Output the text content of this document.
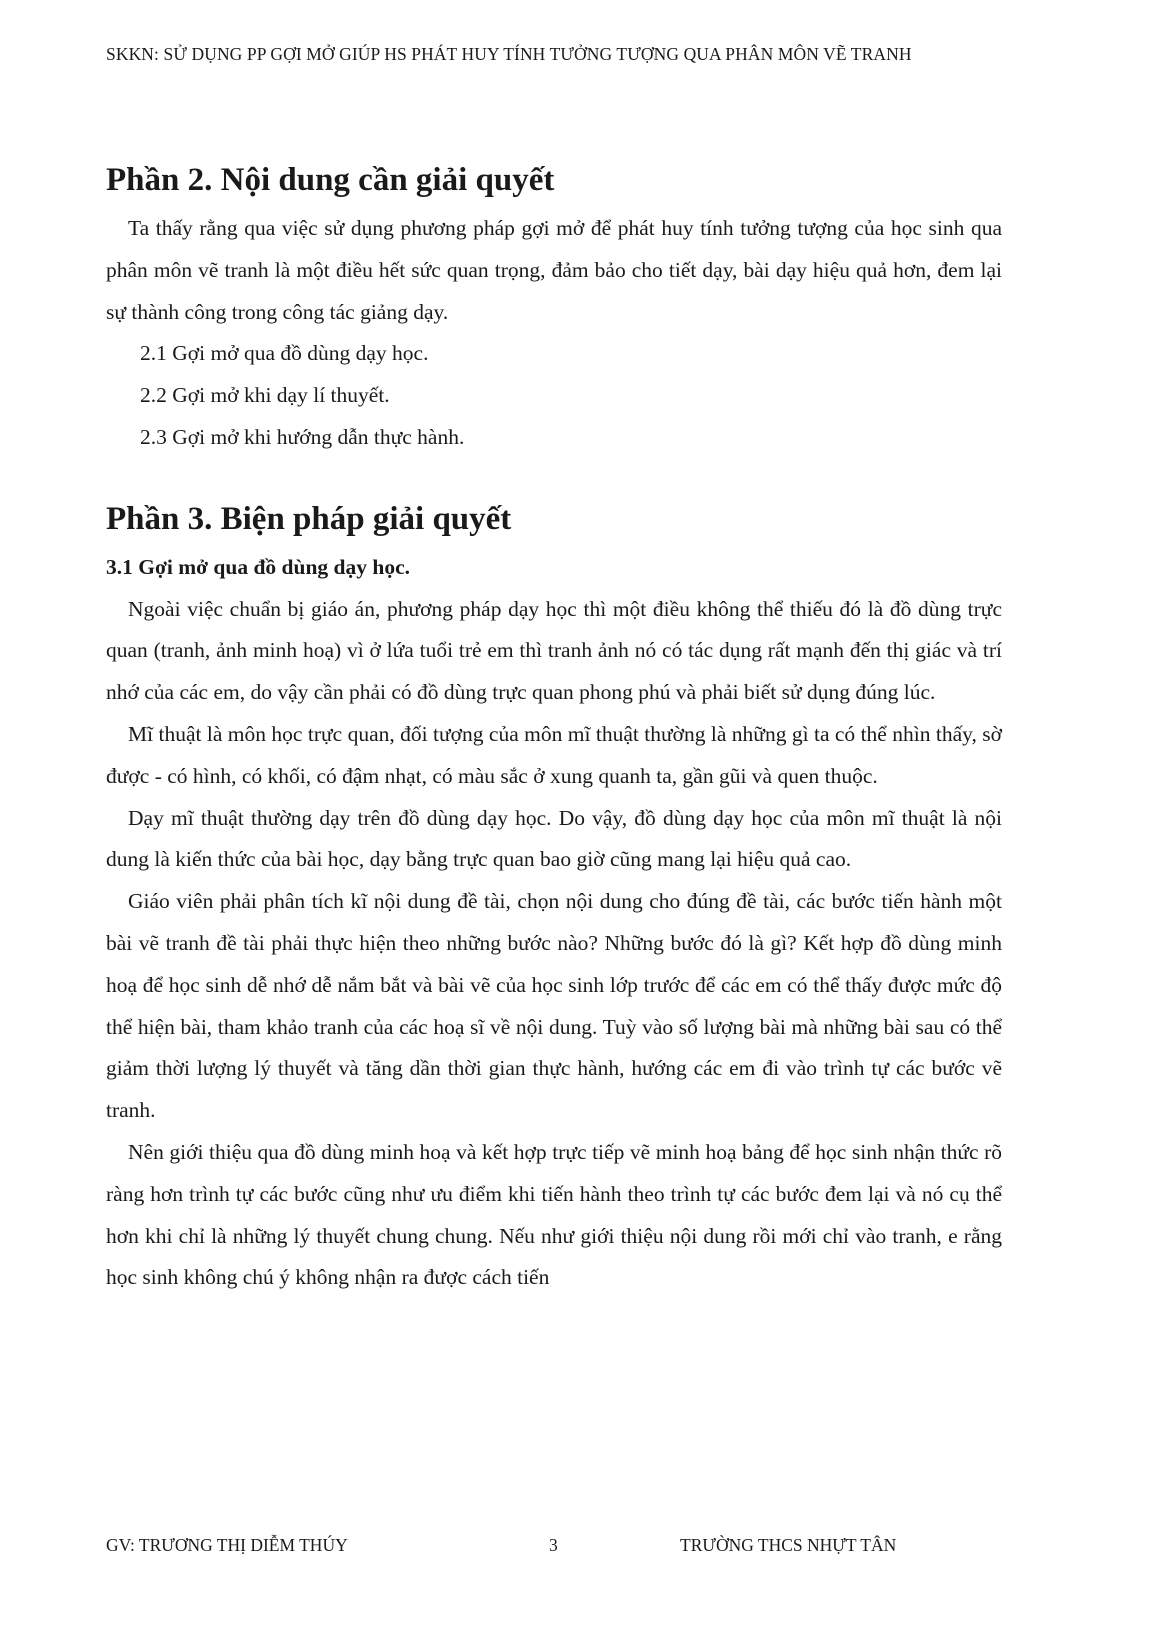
SKKN: SỬ DỤNG PP GỢI MỞ GIÚP HS PHÁT HUY TÍNH TƯỞNG TƯỢNG QUA PHÂN MÔN VẼ TRANH
Phần 2. Nội dung cần giải quyết

Ta thấy rằng qua việc sử dụng phương pháp gợi mở để phát huy tính tưởng tượng của học sinh qua phân môn vẽ tranh là một điều hết sức quan trọng, đảm bảo cho tiết dạy, bài dạy hiệu quả hơn, đem lại sự thành công trong công tác giảng dạy.

2.1 Gợi mở qua đồ dùng dạy học.

2.2 Gợi mở khi dạy lí thuyết.

2.3 Gợi mở khi hướng dẫn thực hành.

Phần 3. Biện pháp giải quyết

3.1 Gợi mở qua đồ dùng dạy học.

Ngoài việc chuẩn bị giáo án, phương pháp dạy học thì một điều không thể thiếu đó là đồ dùng trực quan (tranh, ảnh minh hoạ) vì ở lứa tuổi trẻ em thì tranh ảnh nó có tác dụng rất mạnh đến thị giác và trí nhớ của các em, do vậy cần phải có đồ dùng trực quan phong phú và phải biết sử dụng đúng lúc.

Mĩ thuật là môn học trực quan, đối tượng của môn mĩ thuật thường là những gì ta có thể nhìn thấy, sờ được - có hình, có khối, có đậm nhạt, có màu sắc ở xung quanh ta, gần gũi và quen thuộc.

Dạy mĩ thuật thường dạy trên đồ dùng dạy học. Do vậy, đồ dùng dạy học của môn mĩ thuật là nội dung là kiến thức của bài học, dạy bằng trực quan bao giờ cũng mang lại hiệu quả cao.

Giáo viên phải phân tích kĩ nội dung đề tài, chọn nội dung cho đúng đề tài, các bước tiến hành một bài vẽ tranh đề tài phải thực hiện theo những bước nào? Những bước đó là gì? Kết hợp đồ dùng minh hoạ để học sinh dễ nhớ dễ nắm bắt và bài vẽ của học sinh lớp trước để các em có thể thấy được mức độ thể hiện bài, tham khảo tranh của các hoạ sĩ về nội dung. Tuỳ vào số lượng bài mà những bài sau có thể giảm thời lượng lý thuyết và tăng dần thời gian thực hành, hướng các em đi vào trình tự các bước vẽ tranh.

Nên giới thiệu qua đồ dùng minh hoạ và kết hợp trực tiếp vẽ minh hoạ bảng để học sinh nhận thức rõ ràng hơn trình tự các bước cũng như ưu điểm khi tiến hành theo trình tự các bước đem lại và nó cụ thể hơn khi chỉ là những lý thuyết chung chung. Nếu như giới thiệu nội dung rồi mới chỉ vào tranh, e rằng học sinh không chú ý không nhận ra được cách tiến

GV: TRƯƠNG THỊ DIỄM THÚY	3	TRƯỜNG THCS NHỰT TÂN
